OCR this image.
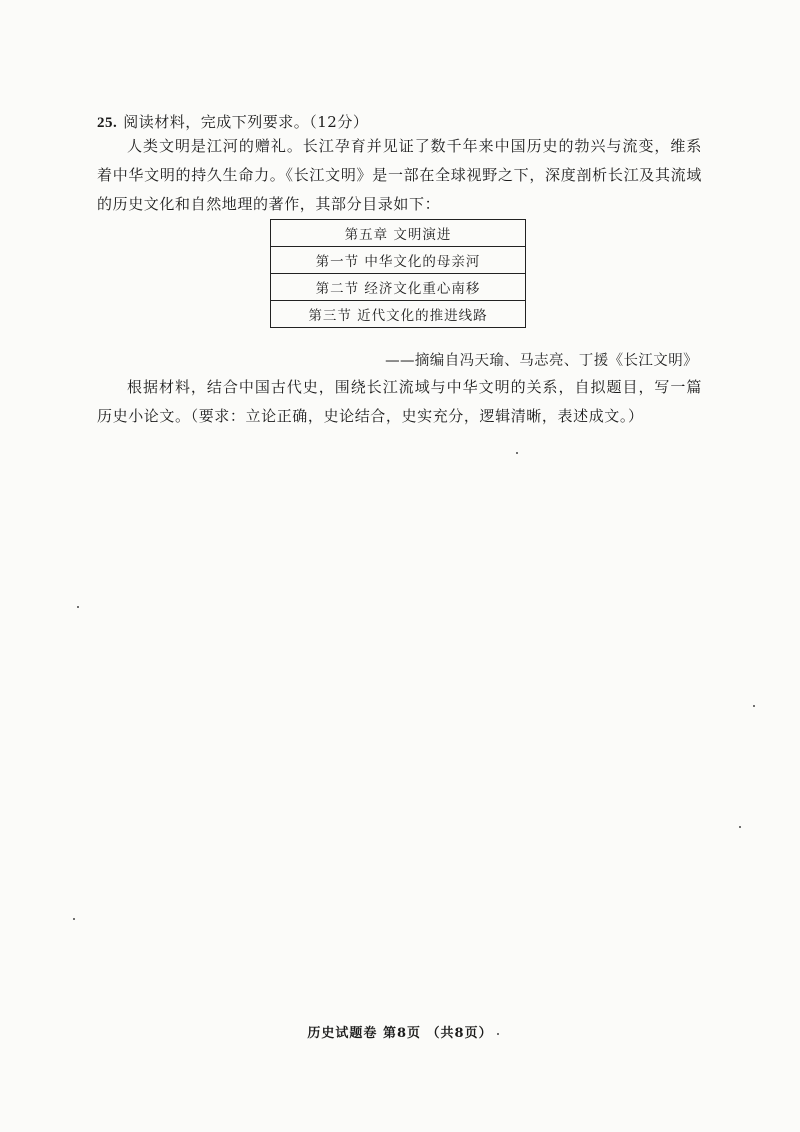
25. 阅读材料，完成下列要求。（12分）
人类文明是江河的赠礼。长江孕育并见证了数千年来中国历史的勃兴与流变，维系着中华文明的持久生命力。《长江文明》是一部在全球视野之下，深度剖析长江及其流域的历史文化和自然地理的著作，其部分目录如下：
第五章 文明演进
第一节 中华文化的母亲河
第二节 经济文化重心南移
第三节 近代文化的推进线路
——摘编自冯天瑜、马志亮、丁援《长江文明》
根据材料，结合中国古代史，围绕长江流域与中华文明的关系，自拟题目，写一篇历史小论文。（要求：立论正确，史论结合，史实充分，逻辑清晰，表述成文。）
历史试题卷 第8页 （共8页）
